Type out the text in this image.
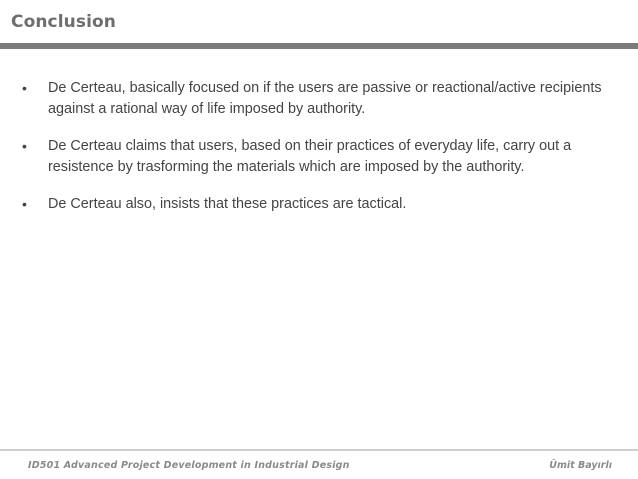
Conclusion
• De Certeau, basically focused on if the users are passive or reactional/active recipients against a rational way of life imposed by authority.
• De Certeau claims that users, based on their practices of everyday life, carry out a resistence by trasforming the materials which are imposed by the authority.
• De Certeau also, insists that these practices are tactical.
ID501 Advanced Project Development in Industrial Design	Ümit Bayırlı
